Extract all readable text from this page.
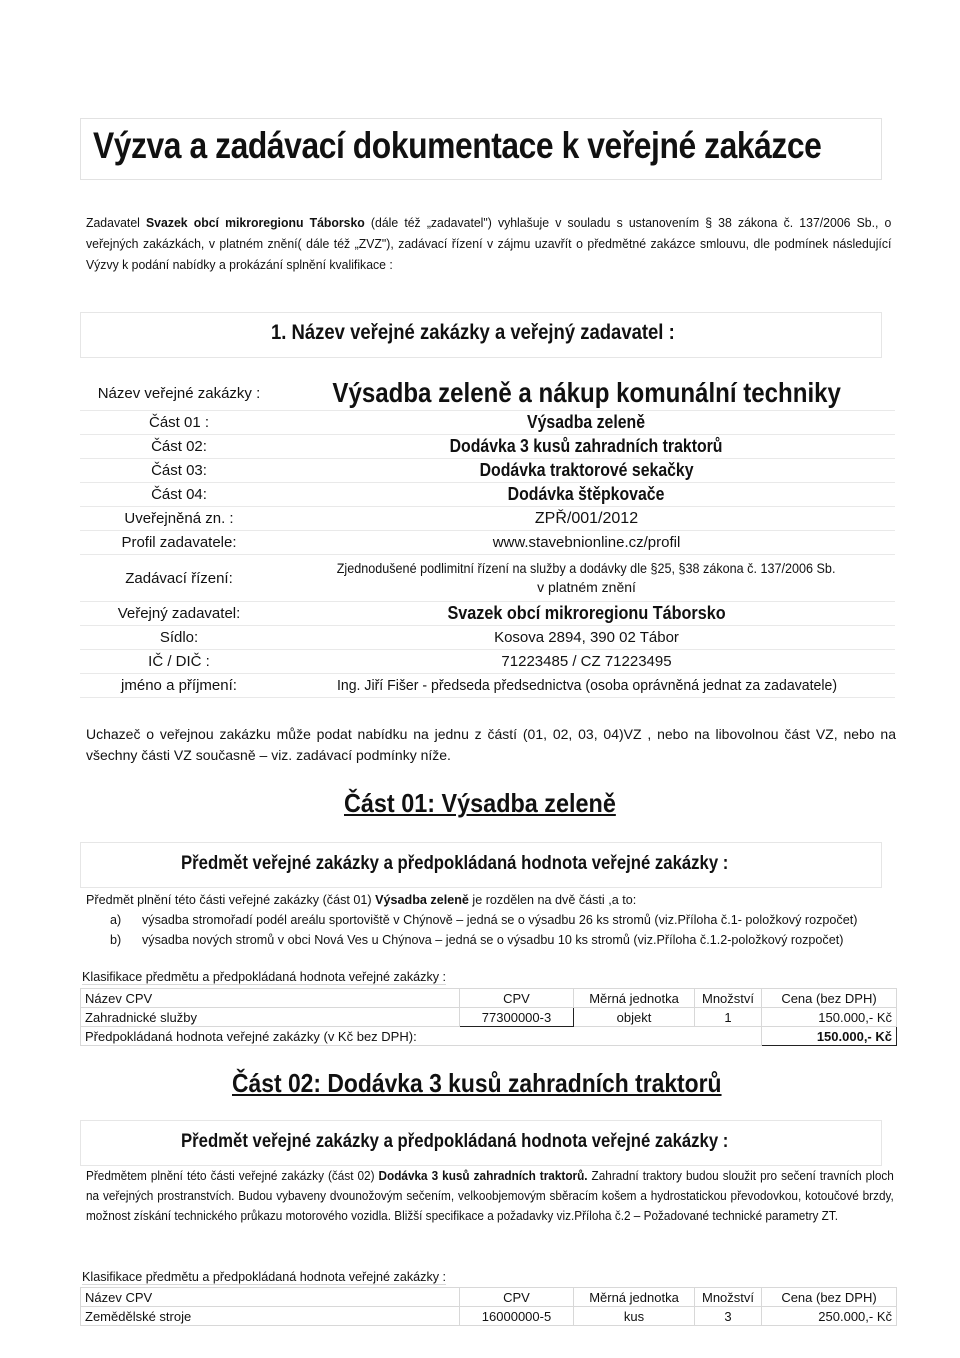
Výzva a zadávací dokumentace k veřejné zakázce
Zadavatel Svazek obcí mikroregionu Táborsko (dále též „zadavatel") vyhlašuje v souladu s ustanovením § 38 zákona č. 137/2006 Sb., o veřejných zakázkách, v platném znění( dále též „ZVZ"), zadávací řízení v zájmu uzavřít o předmětné zakázce smlouvu, dle podmínek následující Výzvy k podání nabídky a prokázání splnění kvalifikace :
1. Název veřejné zakázky a veřejný zadavatel :
Název veřejné zakázky :	Výsadba zeleně a nákup komunální techniky
Část 01 :	Výsadba zeleně
Část 02:	Dodávka 3 kusů zahradních traktorů
Část 03:	Dodávka traktorové sekačky
Část 04:	Dodávka štěpkovače
Uveřejněná zn. :	ZPŘ/001/2012
Profil zadavatele:	www.stavebnionline.cz/profil
Zadávací řízení:	Zjednodušené podlimitní řízení na služby a dodávky dle §25, §38 zákona č. 137/2006 Sb.
v platném znění
Veřejný zadavatel:	Svazek obcí mikroregionu Táborsko
Sídlo:	Kosova 2894, 390 02 Tábor
IČ / DIČ :	71223485 / CZ 71223495
jméno a příjmení:	Ing. Jiří Fišer - předseda předsednictva (osoba oprávněná jednat za zadavatele)
Uchazeč o veřejnou zakázku může podat nabídku na jednu z částí (01, 02, 03, 04)VZ , nebo na libovolnou část VZ, nebo na všechny části VZ současně – viz. zadávací podmínky níže.
Část 01: Výsadba zeleně
Předmět veřejné zakázky a předpokládaná hodnota veřejné zakázky :
Předmět plnění této části veřejné zakázky (část 01) Výsadba zeleně je rozdělen na dvě části ,a to:
a) výsadba stromořadí podél areálu sportoviště v Chýnově – jedná se o výsadbu 26 ks stromů (viz.Příloha č.1- položkový rozpočet)
b) výsadba nových stromů v obci Nová Ves u Chýnova – jedná se o výsadbu 10 ks stromů (viz.Příloha č.1.2-položkový rozpočet)
Klasifikace předmětu a předpokládaná hodnota veřejné zakázky :
Název CPV	CPV	Měrná jednotka	Množství	Cena (bez DPH)
Zahradnické služby	77300000-3	objekt	1	150.000,- Kč
Předpokládaná hodnota veřejné zakázky (v Kč bez DPH):				150.000,- Kč
Část 02: Dodávka 3 kusů zahradních traktorů
Předmět veřejné zakázky a předpokládaná hodnota veřejné zakázky :
Předmětem plnění této části veřejné zakázky (část 02) Dodávka 3 kusů zahradních traktorů. Zahradní traktory budou sloužit pro sečení travních ploch na veřejných prostranstvích. Budou vybaveny dvounožovým sečením, velkoobjemovým sběracím košem a hydrostatickou převodovkou, kotoučové brzdy, možnost získání technického průkazu motorového vozidla. Bližší specifikace a požadavky viz.Příloha č.2 – Požadované technické parametry ZT.
Klasifikace předmětu a předpokládaná hodnota veřejné zakázky :
Název CPV	CPV	Měrná jednotka	Množství	Cena (bez DPH)
Zemědělské stroje	16000000-5	kus	3	250.000,- Kč
